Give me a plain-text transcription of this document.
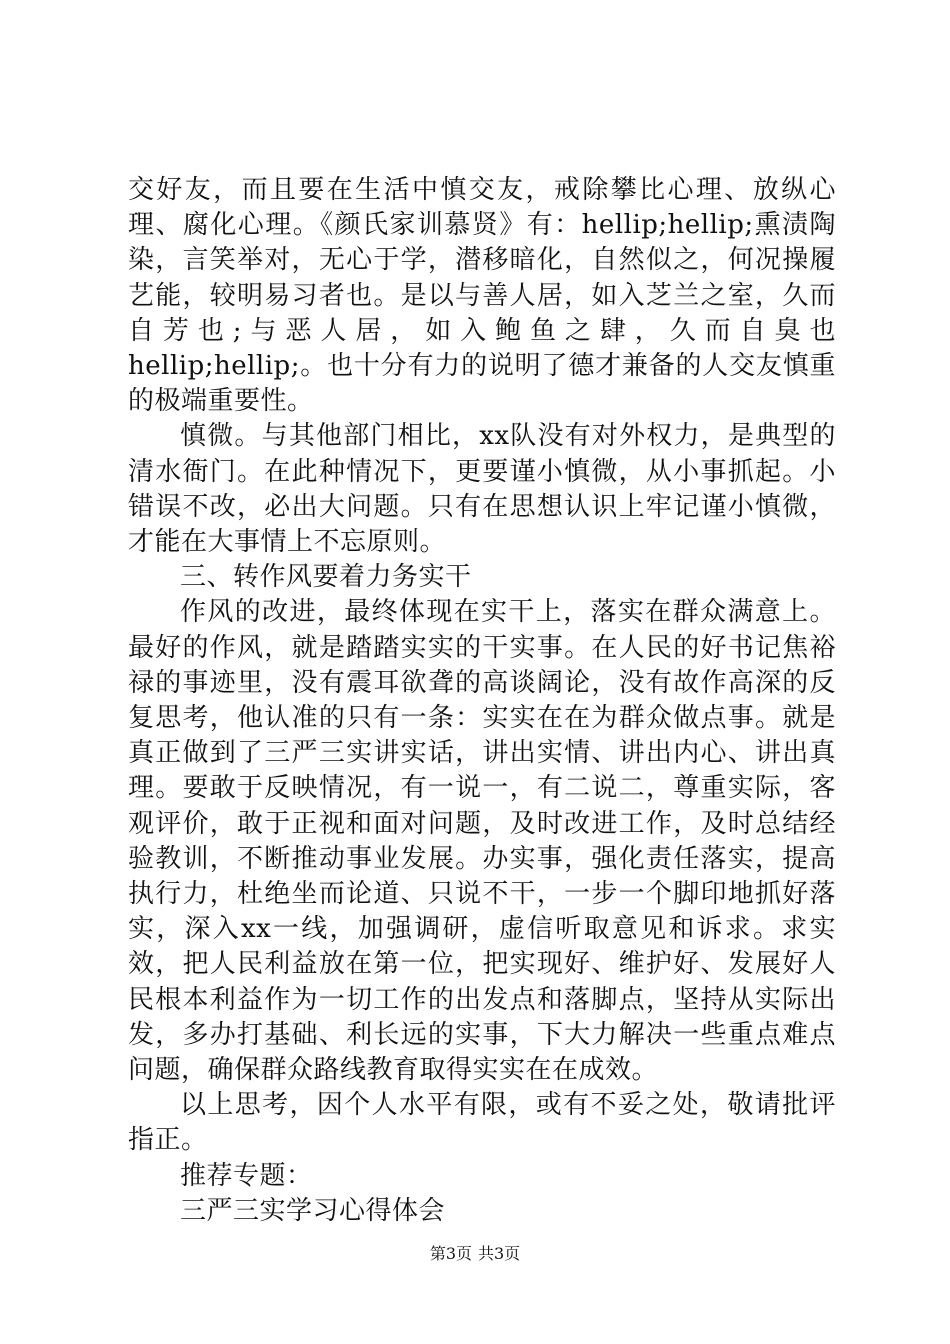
交好友，而且要在生活中慎交友，戒除攀比心理、放纵心理、腐化心理。《颜氏家训慕贤》有：hellip;hellip;熏渍陶染，言笑举对，无心于学，潜移暗化，自然似之，何况操履艺能，较明易习者也。是以与善人居，如入芝兰之室，久而自芳也;与恶人居，如入鲍鱼之肆，久而自臭也hellip;hellip;。也十分有力的说明了德才兼备的人交友慎重的极端重要性。

慎微。与其他部门相比，xx队没有对外权力，是典型的清水衙门。在此种情况下，更要谨小慎微，从小事抓起。小错误不改，必出大问题。只有在思想认识上牢记谨小慎微，才能在大事情上不忘原则。

三、转作风要着力务实干

作风的改进，最终体现在实干上，落实在群众满意上。最好的作风，就是踏踏实实的干实事。在人民的好书记焦裕禄的事迹里，没有震耳欲聋的高谈阔论，没有故作高深的反复思考，他认准的只有一条：实实在在为群众做点事。就是真正做到了三严三实讲实话，讲出实情、讲出内心、讲出真理。要敢于反映情况，有一说一，有二说二，尊重实际，客观评价，敢于正视和面对问题，及时改进工作，及时总结经验教训，不断推动事业发展。办实事，强化责任落实，提高执行力，杜绝坐而论道、只说不干，一步一个脚印地抓好落实，深入xx一线，加强调研，虚信听取意见和诉求。求实效，把人民利益放在第一位，把实现好、维护好、发展好人民根本利益作为一切工作的出发点和落脚点，坚持从实际出发，多办打基础、利长远的实事，下大力解决一些重点难点问题，确保群众路线教育取得实实在在成效。

以上思考，因个人水平有限，或有不妥之处，敬请批评指正。

推荐专题：

三严三实学习心得体会

第3页 共3页
